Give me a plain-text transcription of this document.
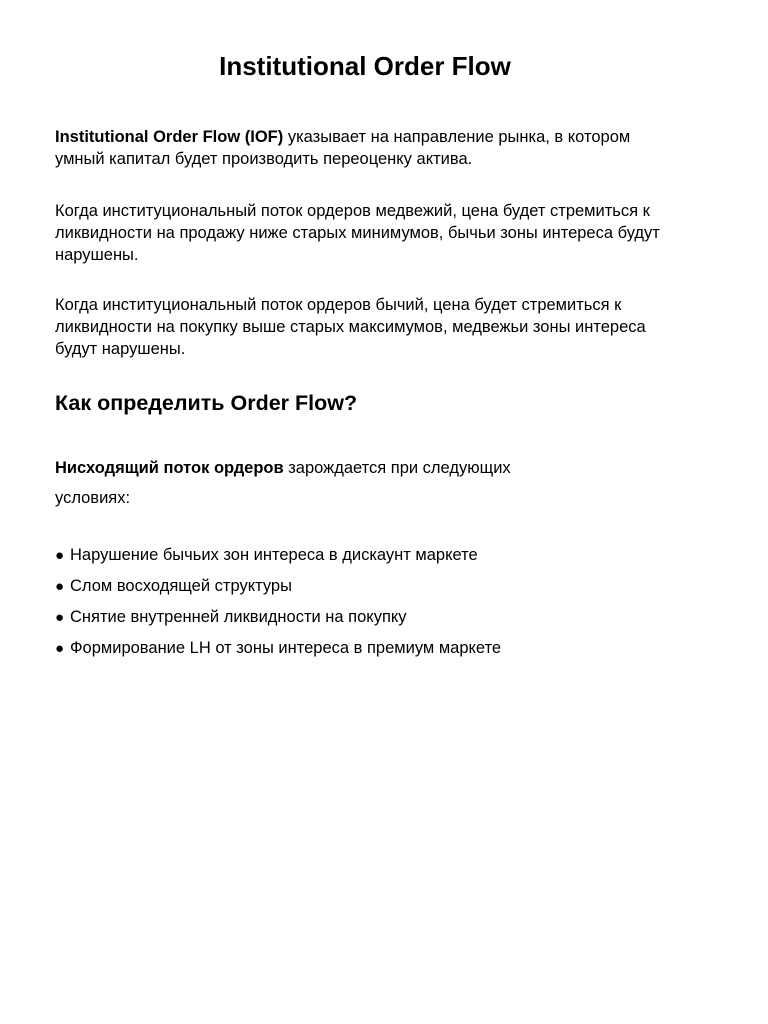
Institutional Order Flow

Institutional Order Flow (IOF) указывает на направление рынка, в котором умный капитал будет производить переоценку актива.

Когда институциональный поток ордеров медвежий, цена будет стремиться к ликвидности на продажу ниже старых минимумов, бычьи зоны интереса будут нарушены.

Когда институциональный поток ордеров бычий, цена будет стремиться к ликвидности на покупку выше старых максимумов, медвежьи зоны интереса будут нарушены.

Как определить Order Flow?

Нисходящий поток ордеров зарождается при следующих условиях:

● Нарушение бычьих зон интереса в дискаунт маркете
● Слом восходящей структуры
● Снятие внутренней ликвидности на покупку
● Формирование LH от зоны интереса в премиум маркете
